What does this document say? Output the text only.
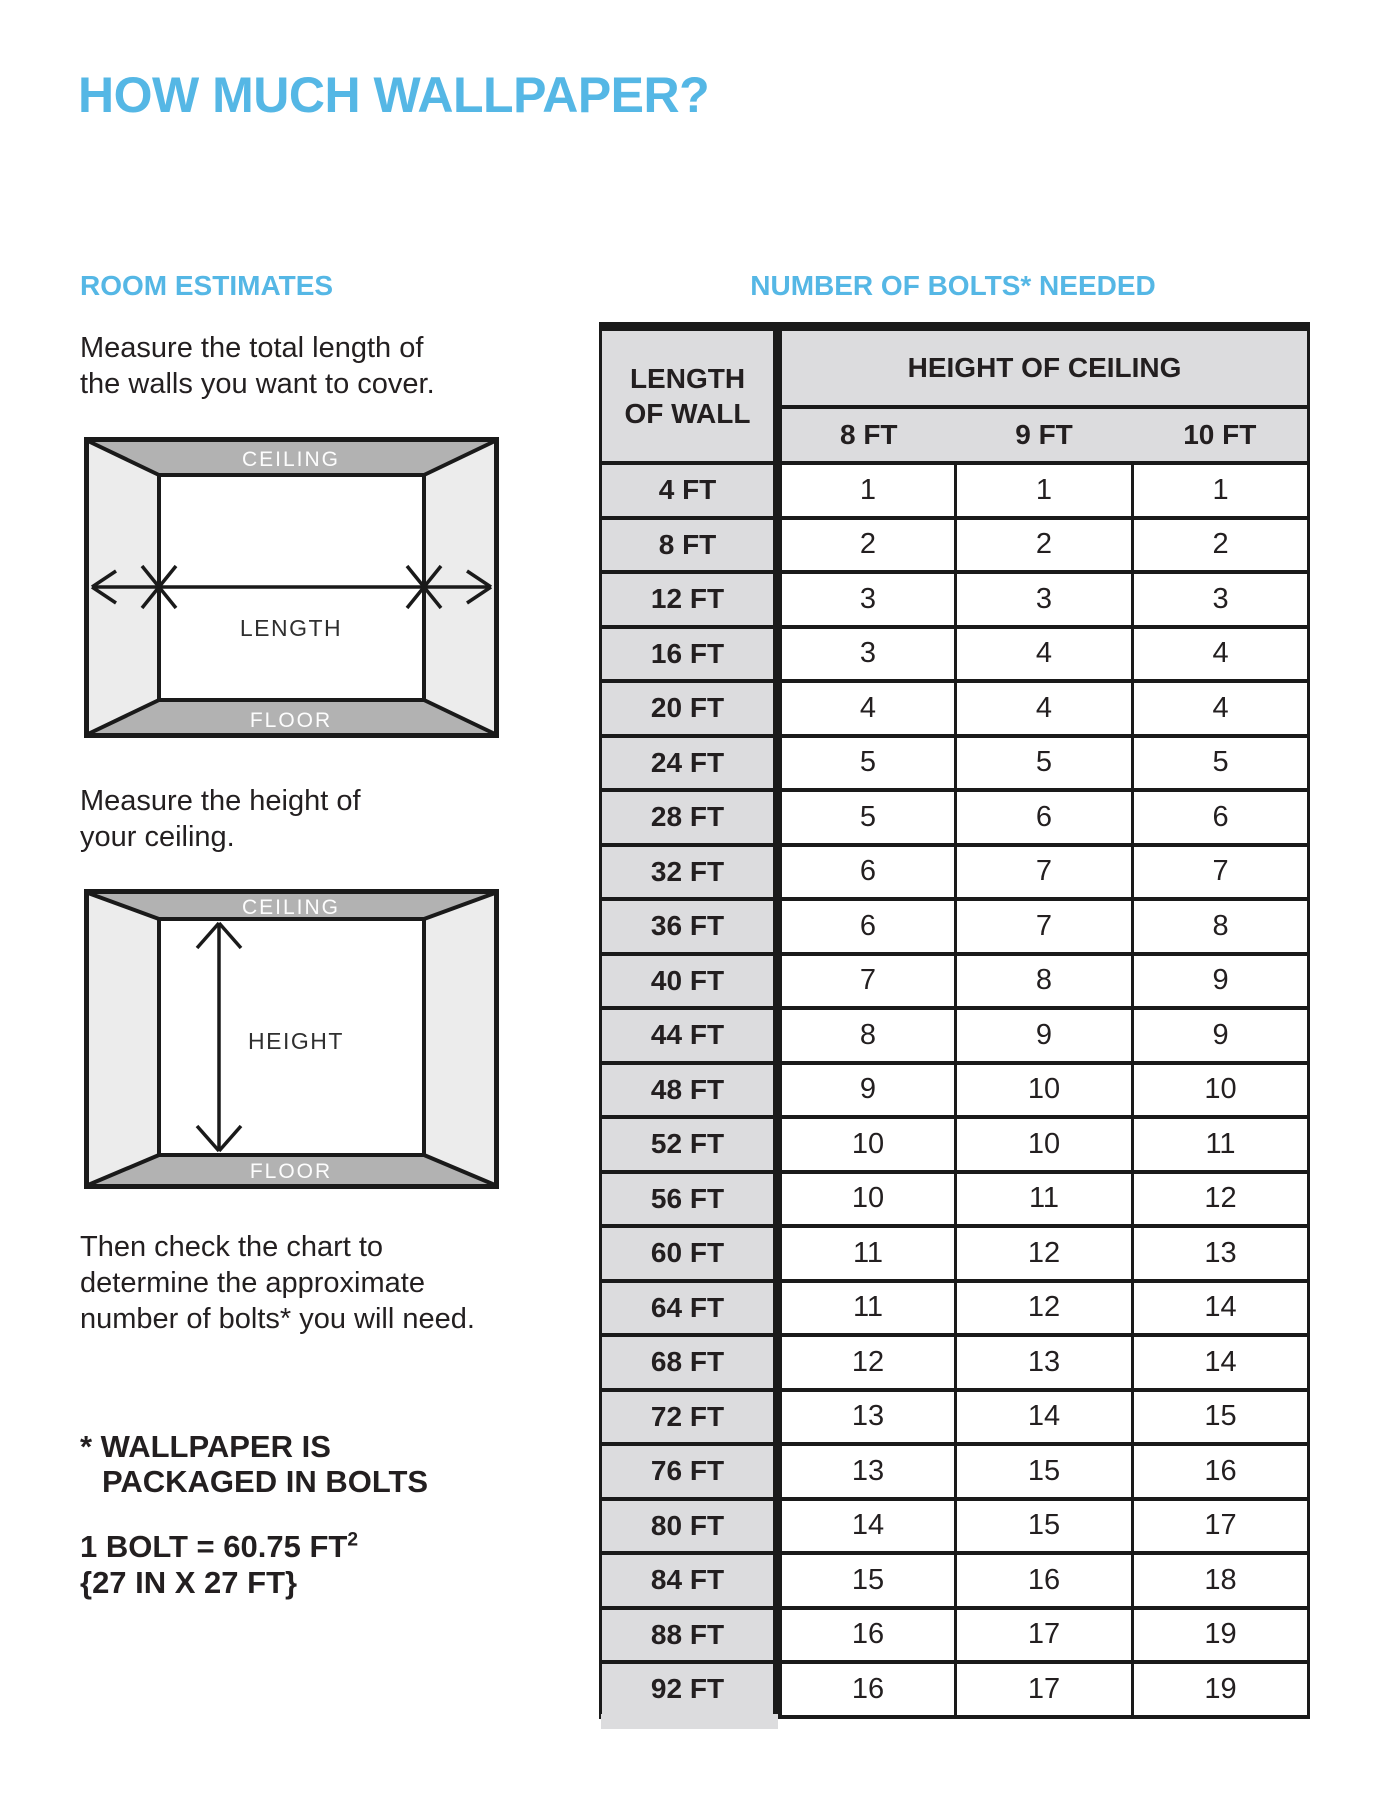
HOW MUCH WALLPAPER?
ROOM ESTIMATES

Measure the total length of
the walls you want to cover.

CEILING
FLOOR
LENGTH

Measure the height of
your ceiling.

CEILING
FLOOR
HEIGHT

Then check the chart to
determine the approximate
number of bolts* you will need.

* WALLPAPER IS
PACKAGED IN BOLTS
1 BOLT = 60.75 $FT^2$
{27 IN X 27 FT}
NUMBER OF BOLTS* NEEDED
LENGTH
OF WALL	HEIGHT OF CEILING		
	8 FT	9 FT	10 FT
4 FT	1	1	1
8 FT	2	2	2
12 FT	3	3	3
16 FT	3	4	4
20 FT	4	4	4
24 FT	5	5	5
28 FT	5	6	6
32 FT	6	7	7
36 FT	6	7	8
40 FT	7	8	9
44 FT	8	9	9
48 FT	9	10	10
52 FT	10	10	11
56 FT	10	11	12
60 FT	11	12	13
64 FT	11	12	14
68 FT	12	13	14
72 FT	13	14	15
76 FT	13	15	16
80 FT	14	15	17
84 FT	15	16	18
88 FT	16	17	19
92 FT	16	17	19
